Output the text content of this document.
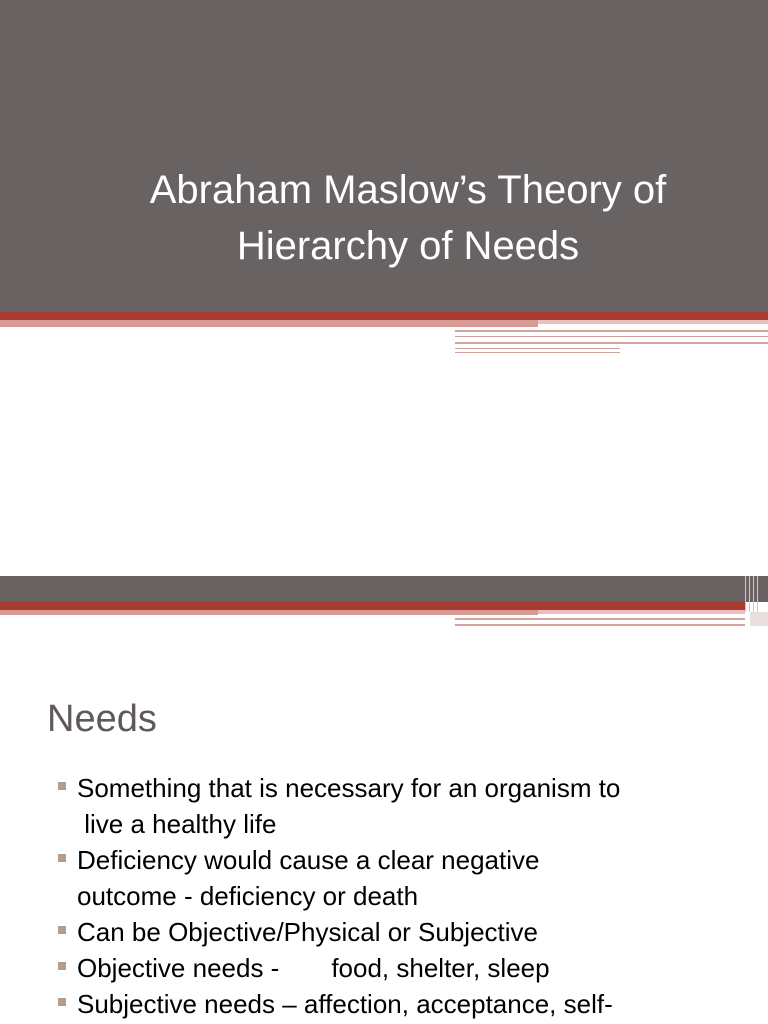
Abraham Maslow’s Theory of
Hierarchy of Needs
Needs
Something that is necessary for an organism to
live a healthy life
Deficiency would cause a clear negative
outcome - deficiency or death
Can be Objective/Physical or Subjective
Objective needs - food, shelter, sleep
Subjective needs – affection, acceptance, self-
